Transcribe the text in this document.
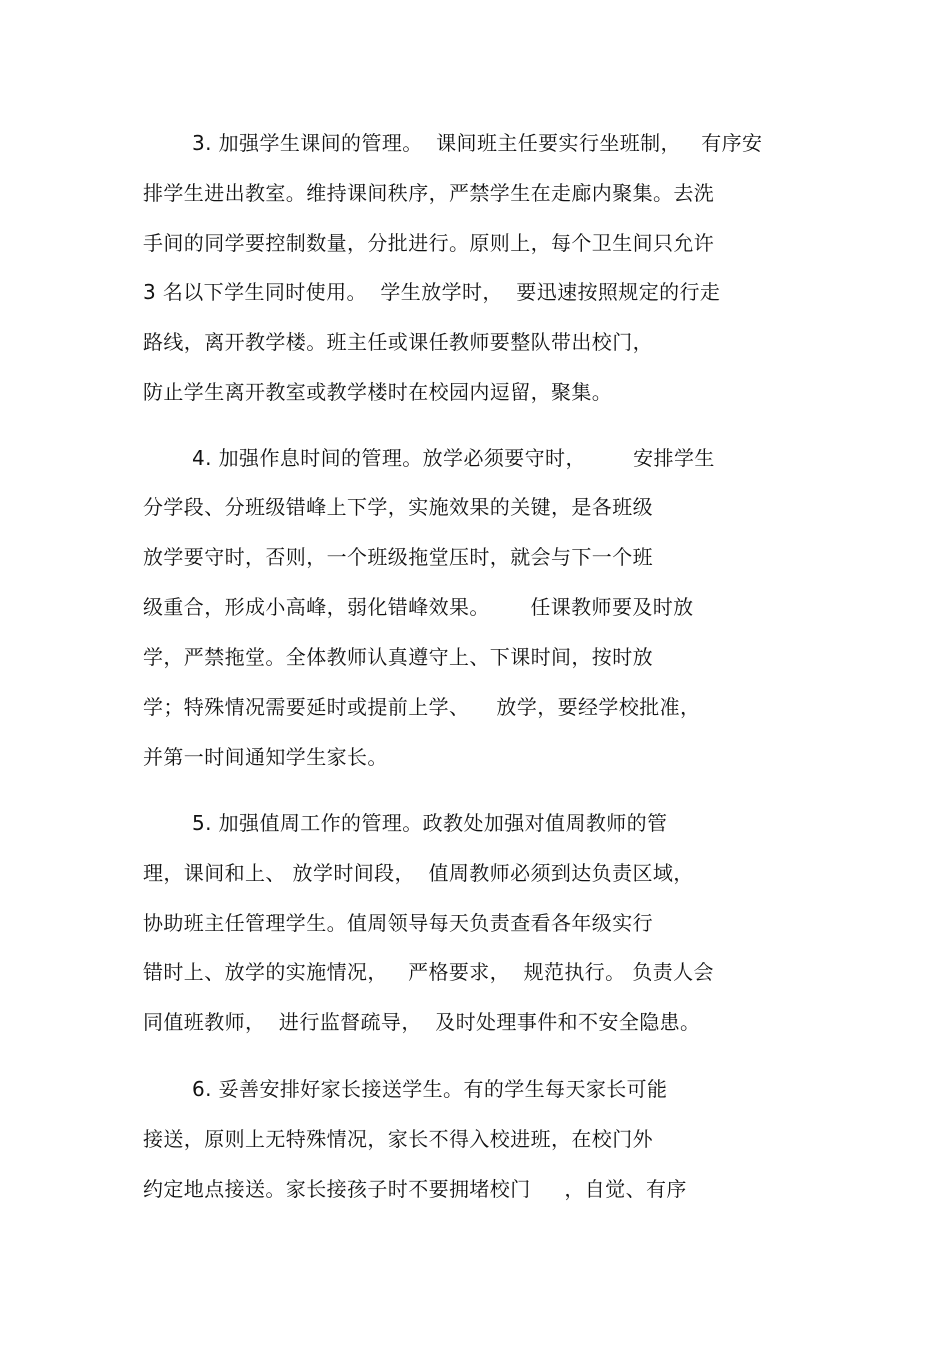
3. 加强学生课间的管理。  课间班主任要实行坐班制，   有序安
排学生进出教室。维持课间秩序，严禁学生在走廊内聚集。去洗
手间的同学要控制数量，分批进行。原则上，每个卫生间只允许
3 名以下学生同时使用。  学生放学时，  要迅速按照规定的行走
路线，离开教学楼。班主任或课任教师要整队带出校门，
防止学生离开教室或教学楼时在校园内逗留，聚集。
4. 加强作息时间的管理。放学必须要守时，       安排学生
分学段、分班级错峰上下学，实施效果的关键，是各班级
放学要守时，否则，一个班级拖堂压时，就会与下一个班
级重合，形成小高峰，弱化错峰效果。      任课教师要及时放
学，严禁拖堂。全体教师认真遵守上、下课时间，按时放
学；特殊情况需要延时或提前上学、    放学，要经学校批准，
并第一时间通知学生家长。
5. 加强值周工作的管理。政教处加强对值周教师的管
理，课间和上、 放学时间段，  值周教师必须到达负责区域，
协助班主任管理学生。值周领导每天负责查看各年级实行
错时上、放学的实施情况，   严格要求，  规范执行。 负责人会
同值班教师，  进行监督疏导，  及时处理事件和不安全隐患。
6. 妥善安排好家长接送学生。有的学生每天家长可能
接送，原则上无特殊情况，家长不得入校进班，在校门外
约定地点接送。家长接孩子时不要拥堵校门     ，自觉、有序
